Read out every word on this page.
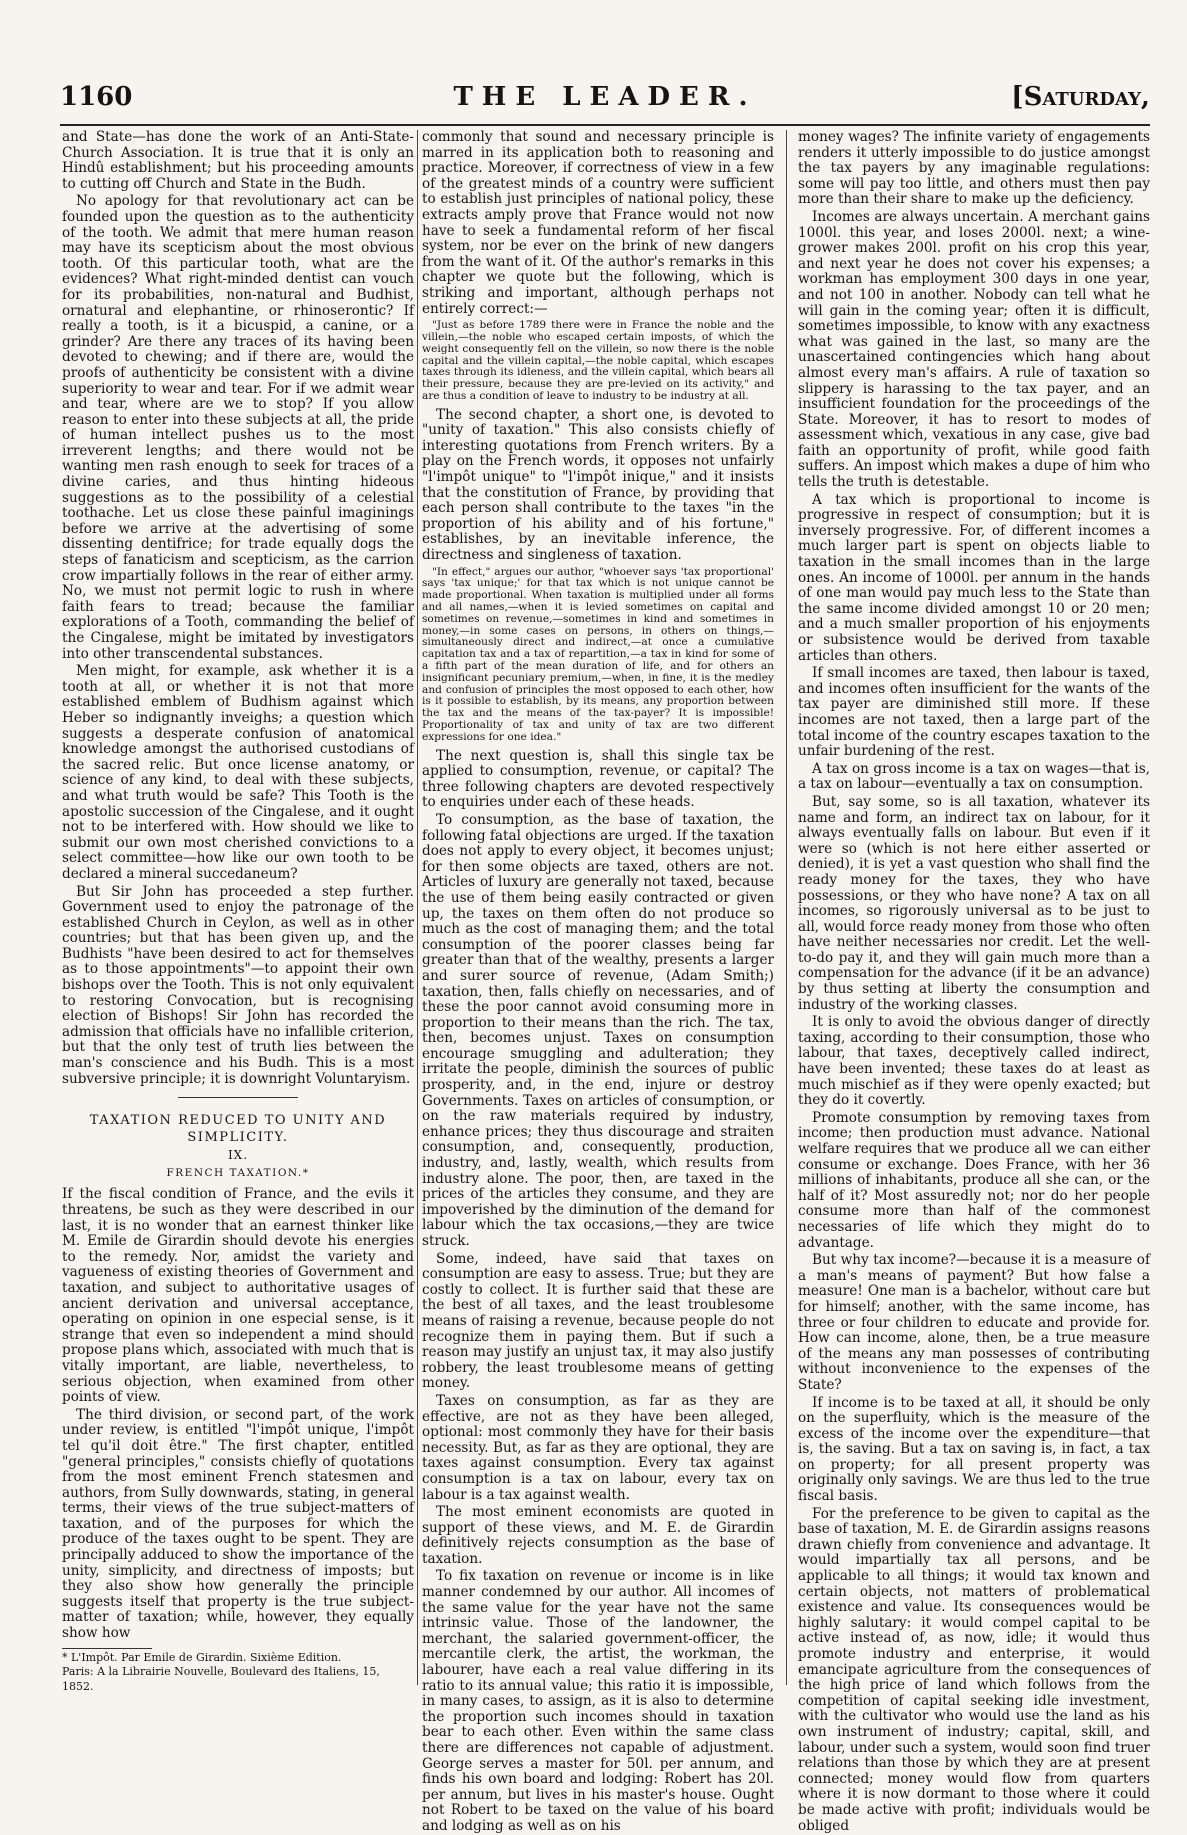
1160	THE LEADER.	[Saturday,

and State—has done the work of an Anti-State-Church Association. It is true that it is only an Hindû establishment; but his proceeding amounts to cutting off Church and State in the Budh.

No apology for that revolutionary act can be founded upon the question as to the authenticity of the tooth. We admit that mere human reason may have its scepticism about the most obvious tooth. Of this particular tooth, what are the evidences? What right-minded dentist can vouch for its probabilities, non-natural and Budhist, ornatural and elephantine, or rhinoserontic? If really a tooth, is it a bicuspid, a canine, or a grinder? Are there any traces of its having been devoted to chewing; and if there are, would the proofs of authenticity be consistent with a divine superiority to wear and tear. For if we admit wear and tear, where are we to stop? If you allow reason to enter into these subjects at all, the pride of human intellect pushes us to the most irreverent lengths; and there would not be wanting men rash enough to seek for traces of a divine caries, and thus hinting hideous suggestions as to the possibility of a celestial toothache. Let us close these painful imaginings before we arrive at the advertising of some dissenting dentifrice; for trade equally dogs the steps of fanaticism and scepticism, as the carrion crow impartially follows in the rear of either army. No, we must not permit logic to rush in where faith fears to tread; because the familiar explorations of a Tooth, commanding the belief of the Cingalese, might be imitated by investigators into other transcendental substances.

Men might, for example, ask whether it is a tooth at all, or whether it is not that more established emblem of Budhism against which Heber so indignantly inveighs; a question which suggests a desperate confusion of anatomical knowledge amongst the authorised custodians of the sacred relic. But once license anatomy, or science of any kind, to deal with these subjects, and what truth would be safe? This Tooth is the apostolic succession of the Cingalese, and it ought not to be interfered with. How should we like to submit our own most cherished convictions to a select committee—how like our own tooth to be declared a mineral succedaneum?

But Sir John has proceeded a step further. Government used to enjoy the patronage of the established Church in Ceylon, as well as in other countries; but that has been given up, and the Budhists "have been desired to act for themselves as to those appointments"—to appoint their own bishops over the Tooth. This is not only equivalent to restoring Convocation, but is recognising election of Bishops! Sir John has recorded the admission that officials have no infallible criterion, but that the only test of truth lies between the man's conscience and his Budh. This is a most subversive principle; it is downright Voluntaryism.

TAXATION REDUCED TO UNITY AND SIMPLICITY.

IX.

FRENCH TAXATION.*

If the fiscal condition of France, and the evils it threatens, be such as they were described in our last, it is no wonder that an earnest thinker like M. Emile de Girardin should devote his energies to the remedy. Nor, amidst the variety and vagueness of existing theories of Government and taxation, and subject to authoritative usages of ancient derivation and universal acceptance, operating on opinion in one especial sense, is it strange that even so independent a mind should propose plans which, associated with much that is vitally important, are liable, nevertheless, to serious objection, when examined from other points of view.

The third division, or second part, of the work under review, is entitled "l'impôt unique, l'impôt tel qu'il doit être." The first chapter, entitled "general principles," consists chiefly of quotations from the most eminent French statesmen and authors, from Sully downwards, stating, in general terms, their views of the true subject-matters of taxation, and of the purposes for which the produce of the taxes ought to be spent. They are principally adduced to show the importance of the unity, simplicity, and directness of imposts; but they also show how generally the principle suggests itself that property is the true subject-matter of taxation; while, however, they equally show how

* L'Impôt. Par Emile de Girardin. Sixième Edition.

Paris: A la Librairie Nouvelle, Boulevard des Italiens, 15,

1852.

commonly that sound and necessary principle is marred in its application both to reasoning and practice. Moreover, if correctness of view in a few of the greatest minds of a country were sufficient to establish just principles of national policy, these extracts amply prove that France would not now have to seek a fundamental reform of her fiscal system, nor be ever on the brink of new dangers from the want of it. Of the author's remarks in this chapter we quote but the following, which is striking and important, although perhaps not entirely correct:—

"Just as before 1789 there were in France the noble and the villein,—the noble who escaped certain imposts, of which the weight consequently fell on the villein, so now there is the noble capital and the villein capital,—the noble capital, which escapes taxes through its idleness, and the villein capital, which bears all their pressure, because they are pre-levied on its activity," and are thus a condition of leave to industry to be industry at all.

The second chapter, a short one, is devoted to "unity of taxation." This also consists chiefly of interesting quotations from French writers. By a play on the French words, it opposes not unfairly "l'impôt unique" to "l'impôt inique," and it insists that the constitution of France, by providing that each person shall contribute to the taxes "in the proportion of his ability and of his fortune," establishes, by an inevitable inference, the directness and singleness of taxation.

"In effect," argues our author, "whoever says 'tax proportional' says 'tax unique;' for that tax which is not unique cannot be made proportional. When taxation is multiplied under all forms and all names,—when it is levied sometimes on capital and sometimes on revenue,—sometimes in kind and sometimes in money,—in some cases on persons, in others on things,—simultaneously direct and indirect,—at once a cumulative capitation tax and a tax of repartition,—a tax in kind for some of a fifth part of the mean duration of life, and for others an insignificant pecuniary premium,—when, in fine, it is the medley and confusion of principles the most opposed to each other, how is it possible to establish, by its means, any proportion between the tax and the means of the tax-payer? It is impossible! Proportionality of tax and unity of tax are two different expressions for one idea."

The next question is, shall this single tax be applied to consumption, revenue, or capital? The three following chapters are devoted respectively to enquiries under each of these heads.

To consumption, as the base of taxation, the following fatal objections are urged. If the taxation does not apply to every object, it becomes unjust; for then some objects are taxed, others are not. Articles of luxury are generally not taxed, because the use of them being easily contracted or given up, the taxes on them often do not produce so much as the cost of managing them; and the total consumption of the poorer classes being far greater than that of the wealthy, presents a larger and surer source of revenue, (Adam Smith;) taxation, then, falls chiefly on necessaries, and of these the poor cannot avoid consuming more in proportion to their means than the rich. The tax, then, becomes unjust. Taxes on consumption encourage smuggling and adulteration; they irritate the people, diminish the sources of public prosperity, and, in the end, injure or destroy Governments. Taxes on articles of consumption, or on the raw materials required by industry, enhance prices; they thus discourage and straiten consumption, and, consequently, production, industry, and, lastly, wealth, which results from industry alone. The poor, then, are taxed in the prices of the articles they consume, and they are impoverished by the diminution of the demand for labour which the tax occasions,—they are twice struck.

Some, indeed, have said that taxes on consumption are easy to assess. True; but they are costly to collect. It is further said that these are the best of all taxes, and the least troublesome means of raising a revenue, because people do not recognize them in paying them. But if such a reason may justify an unjust tax, it may also justify robbery, the least troublesome means of getting money.

Taxes on consumption, as far as they are effective, are not as they have been alleged, optional: most commonly they have for their basis necessity. But, as far as they are optional, they are taxes against consumption. Every tax against consumption is a tax on labour, every tax on labour is a tax against wealth.

The most eminent economists are quoted in support of these views, and M. E. de Girardin definitively rejects consumption as the base of taxation.

To fix taxation on revenue or income is in like manner condemned by our author. All incomes of the same value for the year have not the same intrinsic value. Those of the landowner, the merchant, the salaried government-officer, the mercantile clerk, the artist, the workman, the labourer, have each a real value differing in its ratio to its annual value; this ratio it is impossible, in many cases, to assign, as it is also to determine the proportion such incomes should in taxation bear to each other. Even within the same class there are differences not capable of adjustment. George serves a master for 50l. per annum, and finds his own board and lodging: Robert has 20l. per annum, but lives in his master's house. Ought not Robert to be taxed on the value of his board and lodging as well as on his

money wages? The infinite variety of engagements renders it utterly impossible to do justice amongst the tax payers by any imaginable regulations: some will pay too little, and others must then pay more than their share to make up the deficiency.

Incomes are always uncertain. A merchant gains 1000l. this year, and loses 2000l. next; a wine-grower makes 200l. profit on his crop this year, and next year he does not cover his expenses; a workman has employment 300 days in one year, and not 100 in another. Nobody can tell what he will gain in the coming year; often it is difficult, sometimes impossible, to know with any exactness what was gained in the last, so many are the unascertained contingencies which hang about almost every man's affairs. A rule of taxation so slippery is harassing to the tax payer, and an insufficient foundation for the proceedings of the State. Moreover, it has to resort to modes of assessment which, vexatious in any case, give bad faith an opportunity of profit, while good faith suffers. An impost which makes a dupe of him who tells the truth is detestable.

A tax which is proportional to income is progressive in respect of consumption; but it is inversely progressive. For, of different incomes a much larger part is spent on objects liable to taxation in the small incomes than in the large ones. An income of 1000l. per annum in the hands of one man would pay much less to the State than the same income divided amongst 10 or 20 men; and a much smaller proportion of his enjoyments or subsistence would be derived from taxable articles than others.

If small incomes are taxed, then labour is taxed, and incomes often insufficient for the wants of the tax payer are diminished still more. If these incomes are not taxed, then a large part of the total income of the country escapes taxation to the unfair burdening of the rest.

A tax on gross income is a tax on wages—that is, a tax on labour—eventually a tax on consumption.

But, say some, so is all taxation, whatever its name and form, an indirect tax on labour, for it always eventually falls on labour. But even if it were so (which is not here either asserted or denied), it is yet a vast question who shall find the ready money for the taxes, they who have possessions, or they who have none? A tax on all incomes, so rigorously universal as to be just to all, would force ready money from those who often have neither necessaries nor credit. Let the well-to-do pay it, and they will gain much more than a compensation for the advance (if it be an advance) by thus setting at liberty the consumption and industry of the working classes.

It is only to avoid the obvious danger of directly taxing, according to their consumption, those who labour, that taxes, deceptively called indirect, have been invented; these taxes do at least as much mischief as if they were openly exacted; but they do it covertly.

Promote consumption by removing taxes from income; then production must advance. National welfare requires that we produce all we can either consume or exchange. Does France, with her 36 millions of inhabitants, produce all she can, or the half of it? Most assuredly not; nor do her people consume more than half of the commonest necessaries of life which they might do to advantage.

But why tax income?—because it is a measure of a man's means of payment? But how false a measure! One man is a bachelor, without care but for himself; another, with the same income, has three or four children to educate and provide for. How can income, alone, then, be a true measure of the means any man possesses of contributing without inconvenience to the expenses of the State?

If income is to be taxed at all, it should be only on the superfluity, which is the measure of the excess of the income over the expenditure—that is, the saving. But a tax on saving is, in fact, a tax on property; for all present property was originally only savings. We are thus led to the true fiscal basis.

For the preference to be given to capital as the base of taxation, M. E. de Girardin assigns reasons drawn chiefly from convenience and advantage. It would impartially tax all persons, and be applicable to all things; it would tax known and certain objects, not matters of problematical existence and value. Its consequences would be highly salutary: it would compel capital to be active instead of, as now, idle; it would thus promote industry and enterprise, it would emancipate agriculture from the consequences of the high price of land which follows from the competition of capital seeking idle investment, with the cultivator who would use the land as his own instrument of industry; capital, skill, and labour, under such a system, would soon find truer relations than those by which they are at present connected; money would flow from quarters where it is now dormant to those where it could be made active with profit; individuals would be obliged
